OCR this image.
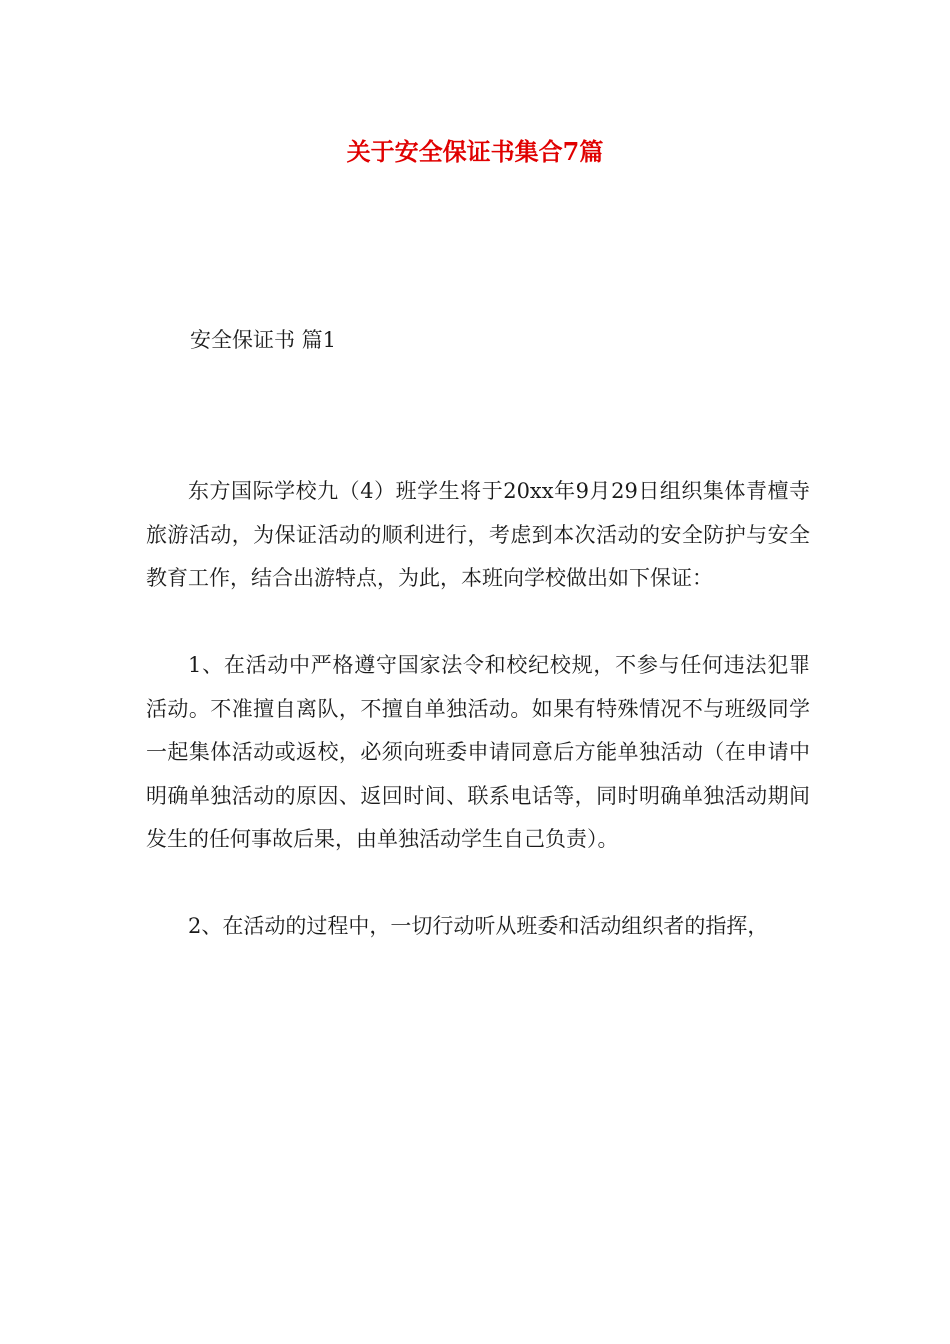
关于安全保证书集合7篇

安全保证书 篇1

东方国际学校九（4）班学生将于20xx年9月29日组织集体青檀寺旅游活动，为保证活动的顺利进行，考虑到本次活动的安全防护与安全教育工作，结合出游特点，为此，本班向学校做出如下保证：

1、在活动中严格遵守国家法令和校纪校规，不参与任何违法犯罪活动。不准擅自离队，不擅自单独活动。如果有特殊情况不与班级同学一起集体活动或返校，必须向班委申请同意后方能单独活动（在申请中明确单独活动的原因、返回时间、联系电话等，同时明确单独活动期间发生的任何事故后果，由单独活动学生自己负责）。

2、在活动的过程中，一切行动听从班委和活动组织者的指挥，
